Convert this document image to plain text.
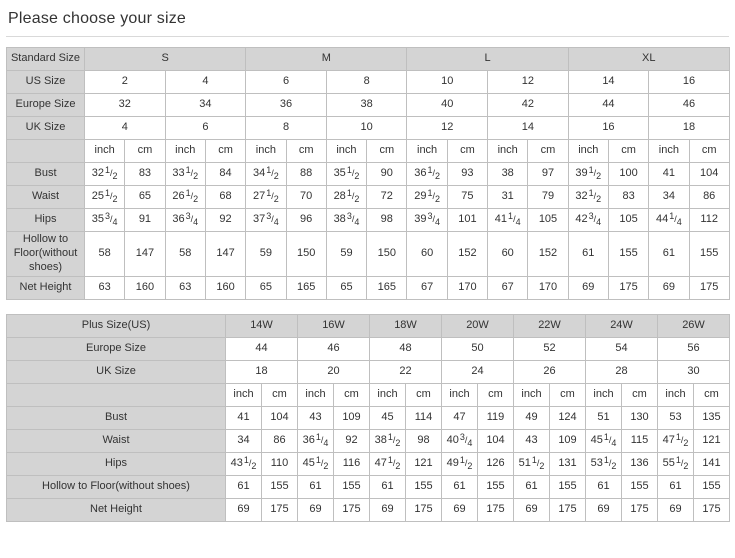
Please choose your size
Standard Size	S				M				L				XL			
US Size	2		4		6		8		10		12		14		16	
Europe Size	32		34		36		38		40		42		44		46	
UK Size	4		6		8		10		12		14		16		18	
	inch	cm	inch	cm	inch	cm	inch	cm	inch	cm	inch	cm	inch	cm	inch	cm
Bust	321/2	83	331/2	84	341/2	88	351/2	90	361/2	93	38	97	391/2	100	41	104
Waist	251/2	65	261/2	68	271/2	70	281/2	72	291/2	75	31	79	321/2	83	34	86
Hips	353/4	91	363/4	92	373/4	96	383/4	98	393/4	101	411/4	105	423/4	105	441/4	112
Hollow to Floor(without shoes)	58	147	58	147	59	150	59	150	60	152	60	152	61	155	61	155
Net Height	63	160	63	160	65	165	65	165	67	170	67	170	69	175	69	175
Plus Size(US)	14W		16W		18W		20W		22W		24W		26W	
Europe Size	44		46		48		50		52		54		56	
UK Size	18		20		22		24		26		28		30	
	inch	cm	inch	cm	inch	cm	inch	cm	inch	cm	inch	cm	inch	cm
Bust	41	104	43	109	45	114	47	119	49	124	51	130	53	135
Waist	34	86	361/4	92	381/2	98	403/4	104	43	109	451/4	115	471/2	121
Hips	431/2	110	451/2	116	471/2	121	491/2	126	511/2	131	531/2	136	551/2	141
Hollow to Floor(without shoes)	61	155	61	155	61	155	61	155	61	155	61	155	61	155
Net Height	69	175	69	175	69	175	69	175	69	175	69	175	69	175
